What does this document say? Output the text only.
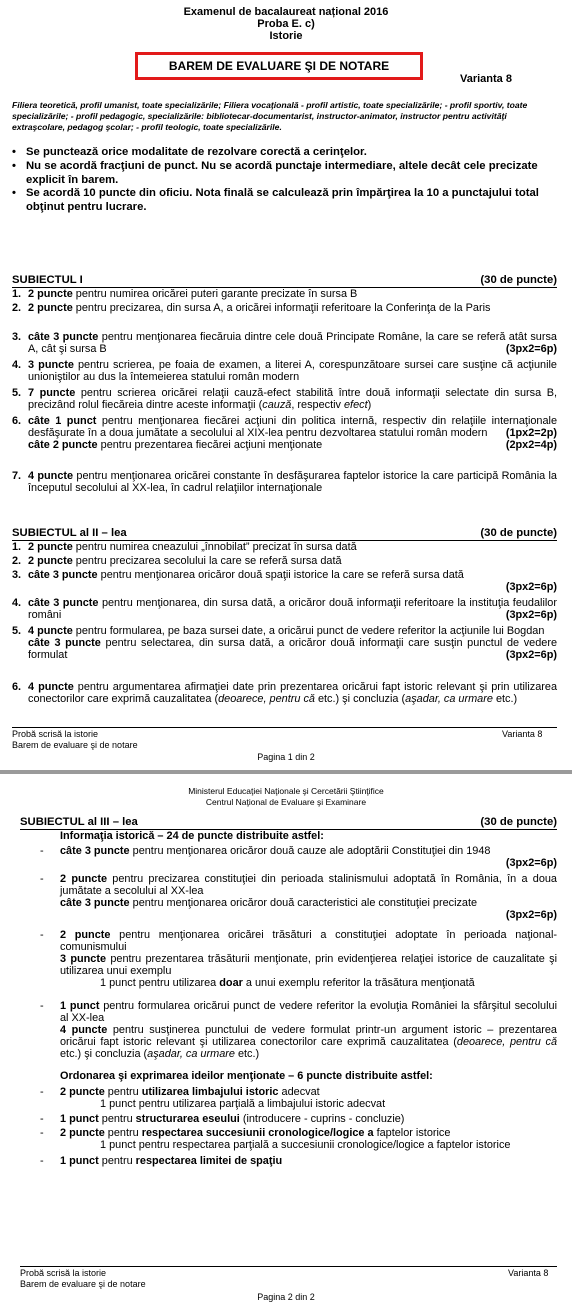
Examenul de bacalaureat național 2016
Proba E. c)
Istorie
BAREM DE EVALUARE ŞI DE NOTARE
Varianta 8
Filiera teoretică, profil umanist, toate specializările; Filiera vocaţională - profil artistic, toate specializările; - profil sportiv, toate specializările; - profil pedagogic, specializările: bibliotecar-documentarist, instructor-animator, instructor pentru activităţi extraşcolare, pedagog şcolar; - profil teologic, toate specializările.
• Se punctează orice modalitate de rezolvare corectă a cerinţelor.
• Nu se acordă fracţiuni de punct. Nu se acordă punctaje intermediare, altele decât cele precizate explicit în barem.
• Se acordă 10 puncte din oficiu. Nota finală se calculează prin împărţirea la 10 a punctajului total obţinut pentru lucrare.
SUBIECTUL I	(30 de puncte)
1. 2 puncte pentru numirea oricărei puteri garante precizate în sursa B
2. 2 puncte pentru precizarea, din sursa A, a oricărei informaţii referitoare la Conferinţa de la Paris
3. câte 3 puncte pentru menţionarea fiecăruia dintre cele două Principate Române, la care se referă atât sursa A, cât şi sursa B	(3px2=6p)
4. 3 puncte pentru scrierea, pe foaia de examen, a literei A, corespunzătoare sursei care susţine că acţiunile unioniştilor au dus la întemeierea statului român modern
5. 7 puncte pentru scrierea oricărei relaţii cauză-efect stabilită între două informaţii selectate din sursa B, precizând rolul fiecăreia dintre aceste informaţii (cauză, respectiv efect)
6. câte 1 punct pentru menţionarea fiecărei acţiuni din politica internă, respectiv din relaţiile internaţionale desfăşurate în a doua jumătate a secolului al XIX-lea pentru dezvoltarea statului român modern (1px2=2p)
câte 2 puncte pentru prezentarea fiecărei acţiuni menţionate	(2px2=4p)
7. 4 puncte pentru menţionarea oricărei constante în desfăşurarea faptelor istorice la care participă România la începutul secolului al XX-lea, în cadrul relaţiilor internaţionale
SUBIECTUL al II – lea	(30 de puncte)
1. 2 puncte pentru numirea cneazului „înnobilat” precizat în sursa dată
2. 2 puncte pentru precizarea secolului la care se referă sursa dată
3. câte 3 puncte pentru menţionarea oricăror două spaţii istorice la care se referă sursa dată
(3px2=6p)
4. câte 3 puncte pentru menţionarea, din sursa dată, a oricăror două informaţii referitoare la instituţia feudalilor români	(3px2=6p)
5. 4 puncte pentru formularea, pe baza sursei date, a oricărui punct de vedere referitor la acţiunile lui Bogdan
câte 3 puncte pentru selectarea, din sursa dată, a oricăror două informaţii care susţin punctul de vedere formulat	(3px2=6p)
6. 4 puncte pentru argumentarea afirmaţiei date prin prezentarea oricărui fapt istoric relevant şi prin utilizarea conectorilor care exprimă cauzalitatea (deoarece, pentru că etc.) şi concluzia (aşadar, ca urmare etc.)
Probă scrisă la istorie
Barem de evaluare şi de notare
Varianta 8
Pagina 1 din 2
Ministerul Educaţiei Naţionale şi Cercetării Ştiinţifice
Centrul Naţional de Evaluare şi Examinare
SUBIECTUL al III – lea	(30 de puncte)
Informaţia istorică – 24 de puncte distribuite astfel:
- câte 3 puncte pentru menţionarea oricăror două cauze ale adoptării Constituţiei din 1948
(3px2=6p)
- 2 puncte pentru precizarea constituţiei din perioada stalinismului adoptată în România, în a doua jumătate a secolului al XX-lea
câte 3 puncte pentru menţionarea oricăror două caracteristici ale constituţiei precizate
(3px2=6p)
- 2 puncte pentru menţionarea oricărei trăsături a constituţiei adoptate în perioada naţional-comunismului
3 puncte pentru prezentarea trăsăturii menţionate, prin evidenţierea relaţiei istorice de cauzalitate şi utilizarea unui exemplu
1 punct pentru utilizarea doar a unui exemplu referitor la trăsătura menţionată
- 1 punct pentru formularea oricărui punct de vedere referitor la evoluţia României la sfârşitul secolului al XX-lea
4 puncte pentru susţinerea punctului de vedere formulat printr-un argument istoric – prezentarea oricărui fapt istoric relevant şi utilizarea conectorilor care exprimă cauzalitatea (deoarece, pentru că etc.) şi concluzia (aşadar, ca urmare etc.)
Ordonarea şi exprimarea ideilor menţionate – 6 puncte distribuite astfel:
- 2 puncte pentru utilizarea limbajului istoric adecvat
1 punct pentru utilizarea parţială a limbajului istoric adecvat
- 1 punct pentru structurarea eseului (introducere - cuprins - concluzie)
- 2 puncte pentru respectarea succesiunii cronologice/logice a faptelor istorice
1 punct pentru respectarea parţială a succesiunii cronologice/logice a faptelor istorice
- 1 punct pentru respectarea limitei de spaţiu
Probă scrisă la istorie
Barem de evaluare şi de notare
Varianta 8
Pagina 2 din 2
